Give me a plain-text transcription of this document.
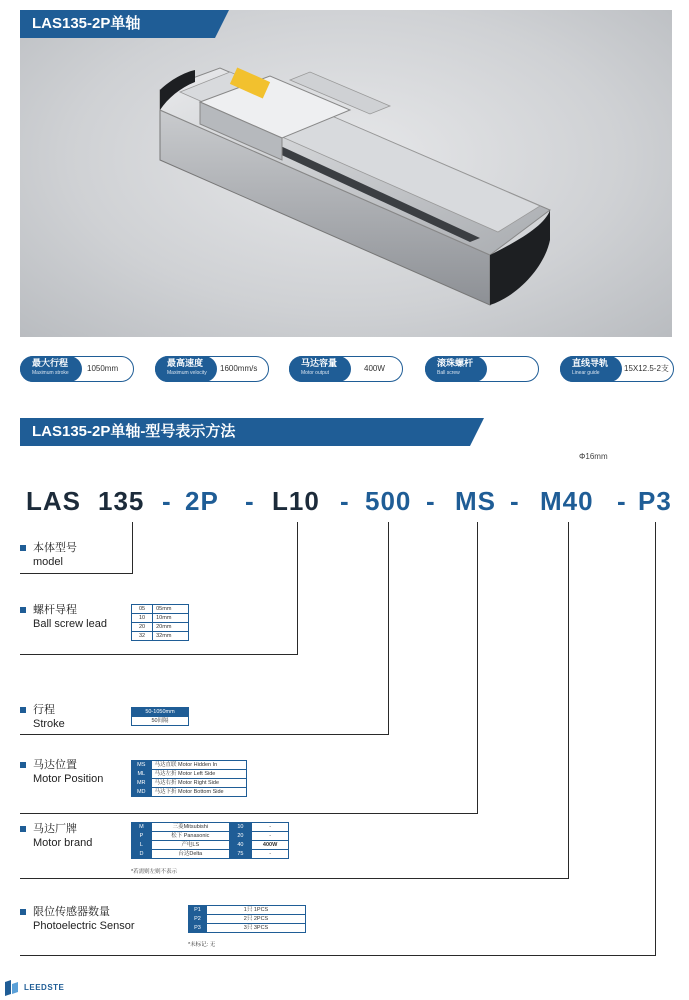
LAS135-2P单轴
最大行程
Maximum stroke	1050mm
最高速度
Maximum velocity	1600mm/s
马达容量
Motor output	400W
滚珠螺杆
Ball screw
直线导轨
Linear guide	15X12.5-2支
LAS135-2P单轴-型号表示方法
Φ16mm
LAS 135 - 2P - L10 - 500 - MS - M40 - P3
本体型号
model
螺杆导程
Ball screw lead
05	05mm
10	10mm
20	20mm
32	32mm
行程
Stroke
50-1050mm
50间隔
马达位置
Motor Position
MS	马达直联 Motor Hidden In
ML	马达左折 Motor Left Side
MR	马达右折 Motor Right Side
MD	马达下折 Motor Bottom Side
马达厂牌
Motor brand
M	三菱Mitsubishi	10	-
P	松下 Panasonic	20	-
L	产电LS	40	400W
D	台达Delta	75	-
*若需则左则不表示
限位传感器数量
Photoelectric Sensor
P1	1只 1PCS
P2	2只 2PCS
P3	3只 3PCS
*未标记: 无
LEEDSTE
